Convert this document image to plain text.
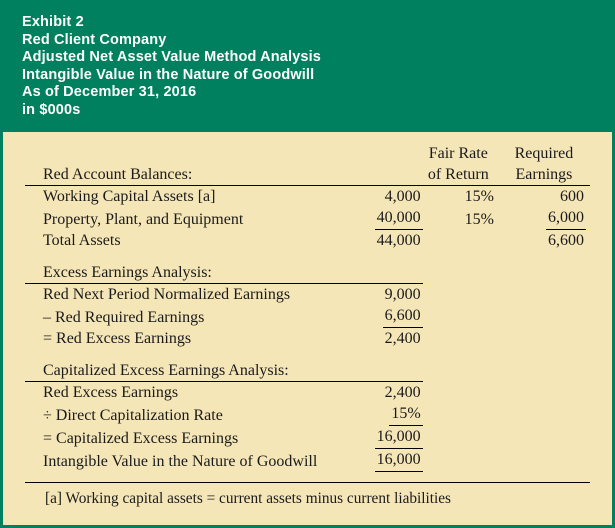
Exhibit 2
Red Client Company
Adjusted Net Asset Value Method Analysis
Intangible Value in the Nature of Goodwill
As of December 31, 2016
in $000s

		Fair Rate	Required
Red Account Balances:		of Return	Earnings

Working Capital Assets [a]	4,000	15%	600
Property, Plant, and Equipment	40,000	15%	6,000
Total Assets	44,000		6,600

Excess Earnings Analysis:			

Red Next Period Normalized Earnings	9,000		
– Red Required Earnings	6,600		
= Red Excess Earnings	2,400		

Capitalized Excess Earnings Analysis:			

Red Excess Earnings	2,400		
÷ Direct Capitalization Rate	15%		
= Capitalized Excess Earnings	16,000		
Intangible Value in the Nature of Goodwill	16,000		

[a] Working capital assets = current assets minus current liabilities
